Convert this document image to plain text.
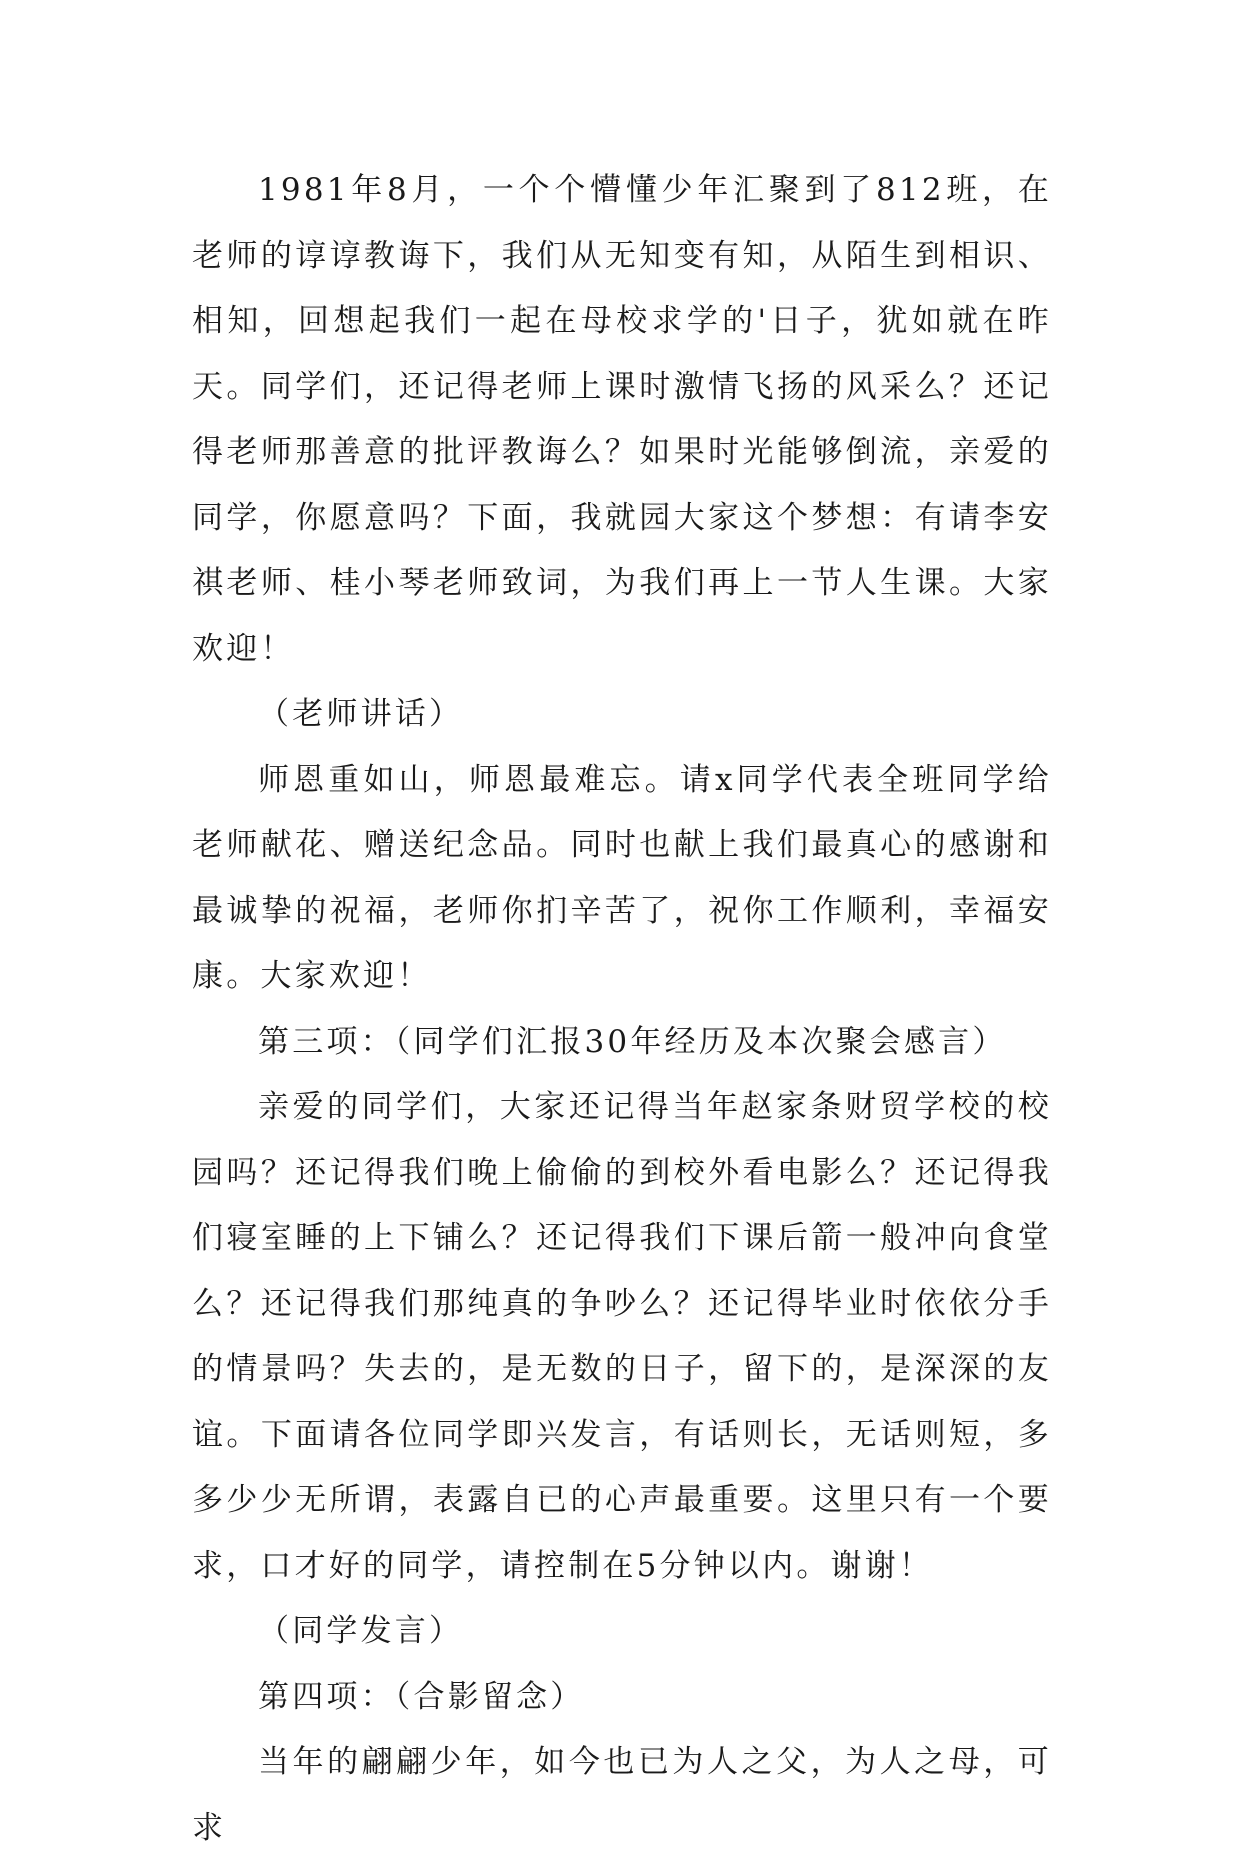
1981年8月，一个个懵懂少年汇聚到了812班，在老师的谆谆教诲下，我们从无知变有知，从陌生到相识、相知，回想起我们一起在母校求学的'日子，犹如就在昨天。同学们，还记得老师上课时激情飞扬的风采么？还记得老师那善意的批评教诲么？如果时光能够倒流，亲爱的同学，你愿意吗？下面，我就园大家这个梦想：有请李安祺老师、桂小琴老师致词，为我们再上一节人生课。大家欢迎！

（老师讲话）

师恩重如山，师恩最难忘。请x同学代表全班同学给老师献花、赠送纪念品。同时也献上我们最真心的感谢和最诚挚的祝福，老师你扪辛苦了，祝你工作顺利，幸福安康。大家欢迎！

第三项：（同学们汇报30年经历及本次聚会感言）

亲爱的同学们，大家还记得当年赵家条财贸学校的校园吗？还记得我们晚上偷偷的到校外看电影么？还记得我们寝室睡的上下铺么？还记得我们下课后箭一般冲向食堂么？还记得我们那纯真的争吵么？还记得毕业时依依分手的情景吗？失去的，是无数的日子，留下的，是深深的友谊。下面请各位同学即兴发言，有话则长，无话则短，多多少少无所谓，表露自已的心声最重要。这里只有一个要求，口才好的同学，请控制在5分钟以内。谢谢！

（同学发言）

第四项：（合影留念）

当年的翩翩少年，如今也已为人之父，为人之母，可求
